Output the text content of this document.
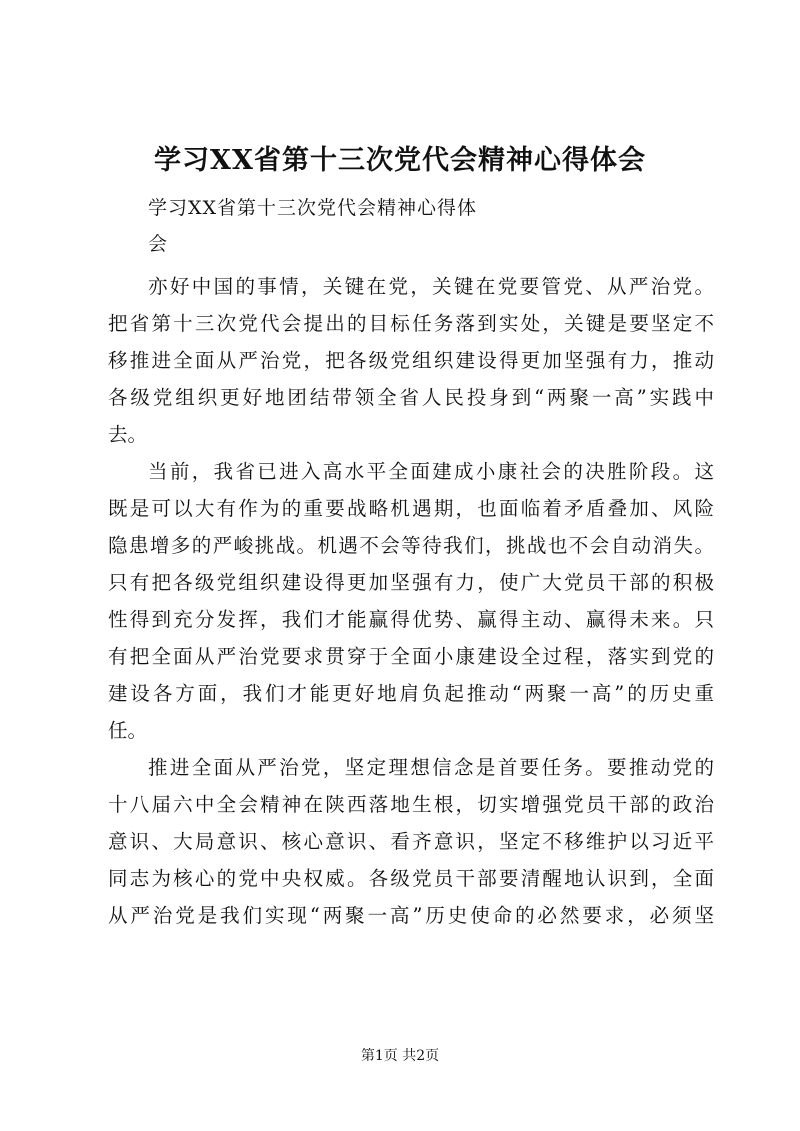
学习XX省第十三次党代会精神心得体会
学习XX省第十三次党代会精神心得体
会
亦好中国的事情，关键在党，关键在党要管党、从严治党。
把省第十三次党代会提出的目标任务落到实处，关键是要坚定不
移推进全面从严治党，把各级党组织建设得更加坚强有力，推动
各级党组织更好地团结带领全省人民投身到“两聚一高”实践中
去。
当前，我省已进入高水平全面建成小康社会的决胜阶段。这
既是可以大有作为的重要战略机遇期，也面临着矛盾叠加、风险
隐患增多的严峻挑战。机遇不会等待我们，挑战也不会自动消失。
只有把各级党组织建设得更加坚强有力，使广大党员干部的积极
性得到充分发挥，我们才能赢得优势、赢得主动、赢得未来。只
有把全面从严治党要求贯穿于全面小康建设全过程，落实到党的
建设各方面，我们才能更好地肩负起推动“两聚一高”的历史重
任。
推进全面从严治党，坚定理想信念是首要任务。要推动党的
十八届六中全会精神在陕西落地生根，切实增强党员干部的政治
意识、大局意识、核心意识、看齐意识，坚定不移维护以习近平
同志为核心的党中央权威。各级党员干部要清醒地认识到，全面
从严治党是我们实现“两聚一高”历史使命的必然要求，必须坚
第1页 共2页
